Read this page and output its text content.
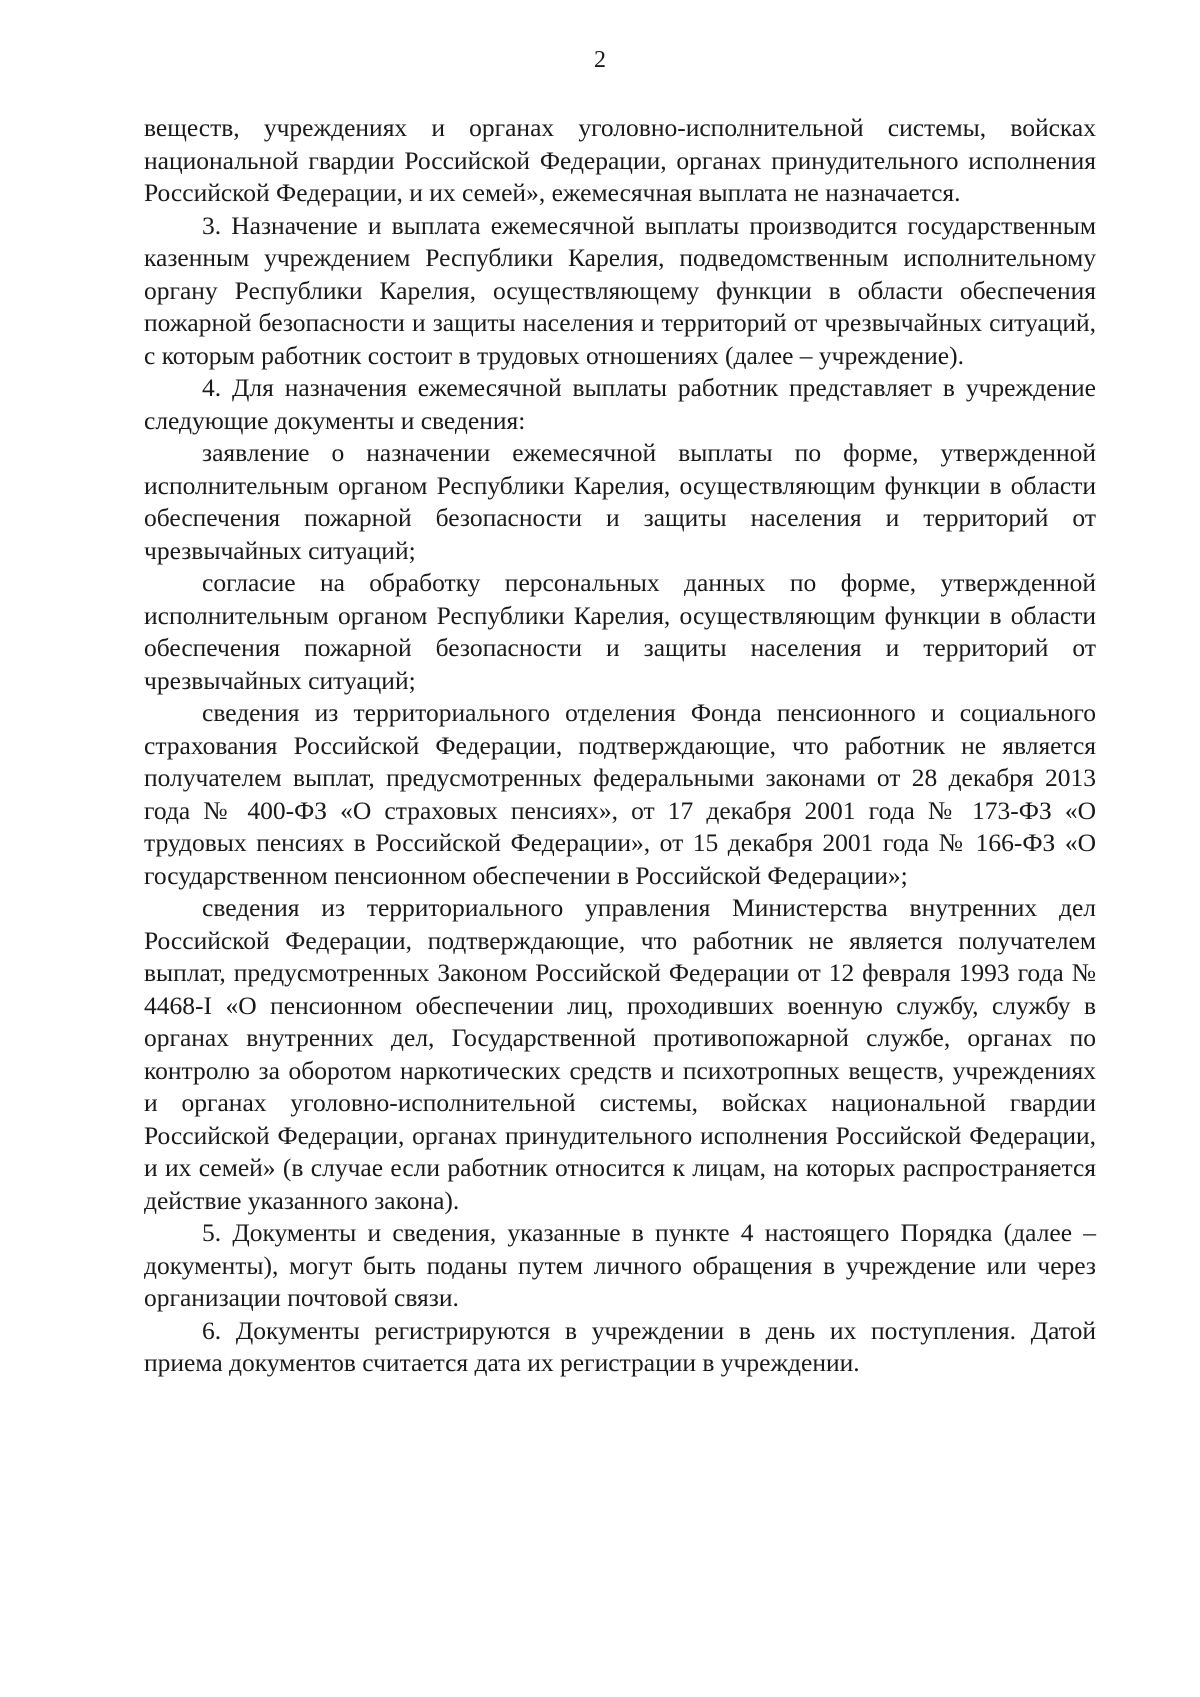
2

веществ, учреждениях и органах уголовно-исполнительной системы, войсках национальной гвардии Российской Федерации, органах принудительного исполнения Российской Федерации, и их семей», ежемесячная выплата не назначается.

3. Назначение и выплата ежемесячной выплаты производится государственным казенным учреждением Республики Карелия, подведомственным исполнительному органу Республики Карелия, осуществляющему функции в области обеспечения пожарной безопасности и защиты населения и территорий от чрезвычайных ситуаций, с которым работник состоит в трудовых отношениях (далее – учреждение).

4. Для назначения ежемесячной выплаты работник представляет в учреждение следующие документы и сведения:

заявление о назначении ежемесячной выплаты по форме, утвержденной исполнительным органом Республики Карелия, осуществляющим функции в области обеспечения пожарной безопасности и защиты населения и территорий от чрезвычайных ситуаций;

согласие на обработку персональных данных по форме, утвержденной исполнительным органом Республики Карелия, осуществляющим функции в области обеспечения пожарной безопасности и защиты населения и территорий от чрезвычайных ситуаций;

сведения из территориального отделения Фонда пенсионного и социального страхования Российской Федерации, подтверждающие, что работник не является получателем выплат, предусмотренных федеральными законами от 28 декабря 2013 года № 400-ФЗ «О страховых пенсиях», от 17 декабря 2001 года № 173-ФЗ «О трудовых пенсиях в Российской Федерации», от 15 декабря 2001 года № 166-ФЗ «О государственном пенсионном обеспечении в Российской Федерации»;

сведения из территориального управления Министерства внутренних дел Российской Федерации, подтверждающие, что работник не является получателем выплат, предусмотренных Законом Российской Федерации от 12 февраля 1993 года № 4468-I «О пенсионном обеспечении лиц, проходивших военную службу, службу в органах внутренних дел, Государственной противопожарной службе, органах по контролю за оборотом наркотических средств и психотропных веществ, учреждениях и органах уголовно-исполнительной системы, войсках национальной гвардии Российской Федерации, органах принудительного исполнения Российской Федерации, и их семей» (в случае если работник относится к лицам, на которых распространяется действие указанного закона).

5. Документы и сведения, указанные в пункте 4 настоящего Порядка (далее – документы), могут быть поданы путем личного обращения в учреждение или через организации почтовой связи.

6. Документы регистрируются в учреждении в день их поступления. Датой приема документов считается дата их регистрации в учреждении.
